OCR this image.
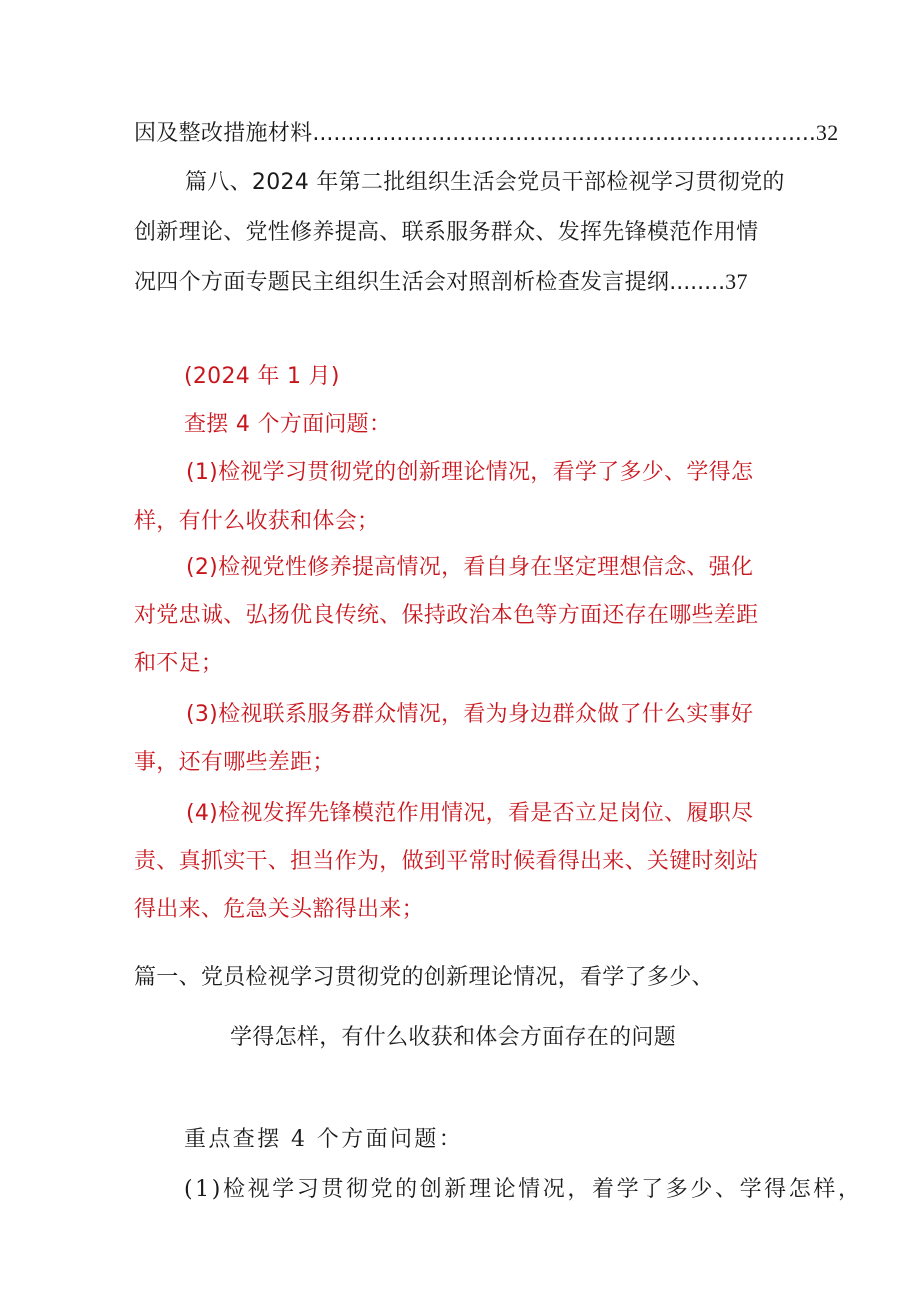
因及整改措施材料........................................................................32
篇八、2024 年第二批组织生活会党员干部检视学习贯彻党的
创新理论、党性修养提高、联系服务群众、发挥先锋模范作用情
况四个方面专题民主组织生活会对照剖析检查发言提纲........37
(2024 年 1 月)
查摆 4 个方面问题：
(1)检视学习贯彻党的创新理论情况，看学了多少、学得怎
样，有什么收获和体会；
(2)检视党性修养提高情况，看自身在坚定理想信念、强化
对党忠诚、弘扬优良传统、保持政治本色等方面还存在哪些差距
和不足；
(3)检视联系服务群众情况，看为身边群众做了什么实事好
事，还有哪些差距；
(4)检视发挥先锋模范作用情况，看是否立足岗位、履职尽
责、真抓实干、担当作为，做到平常时候看得出来、关键时刻站
得出来、危急关头豁得出来；
篇一、党员检视学习贯彻党的创新理论情况，看学了多少、
学得怎样，有什么收获和体会方面存在的问题
重点查摆 4 个方面问题：
(1)检视学习贯彻党的创新理论情况，着学了多少、学得怎样，
